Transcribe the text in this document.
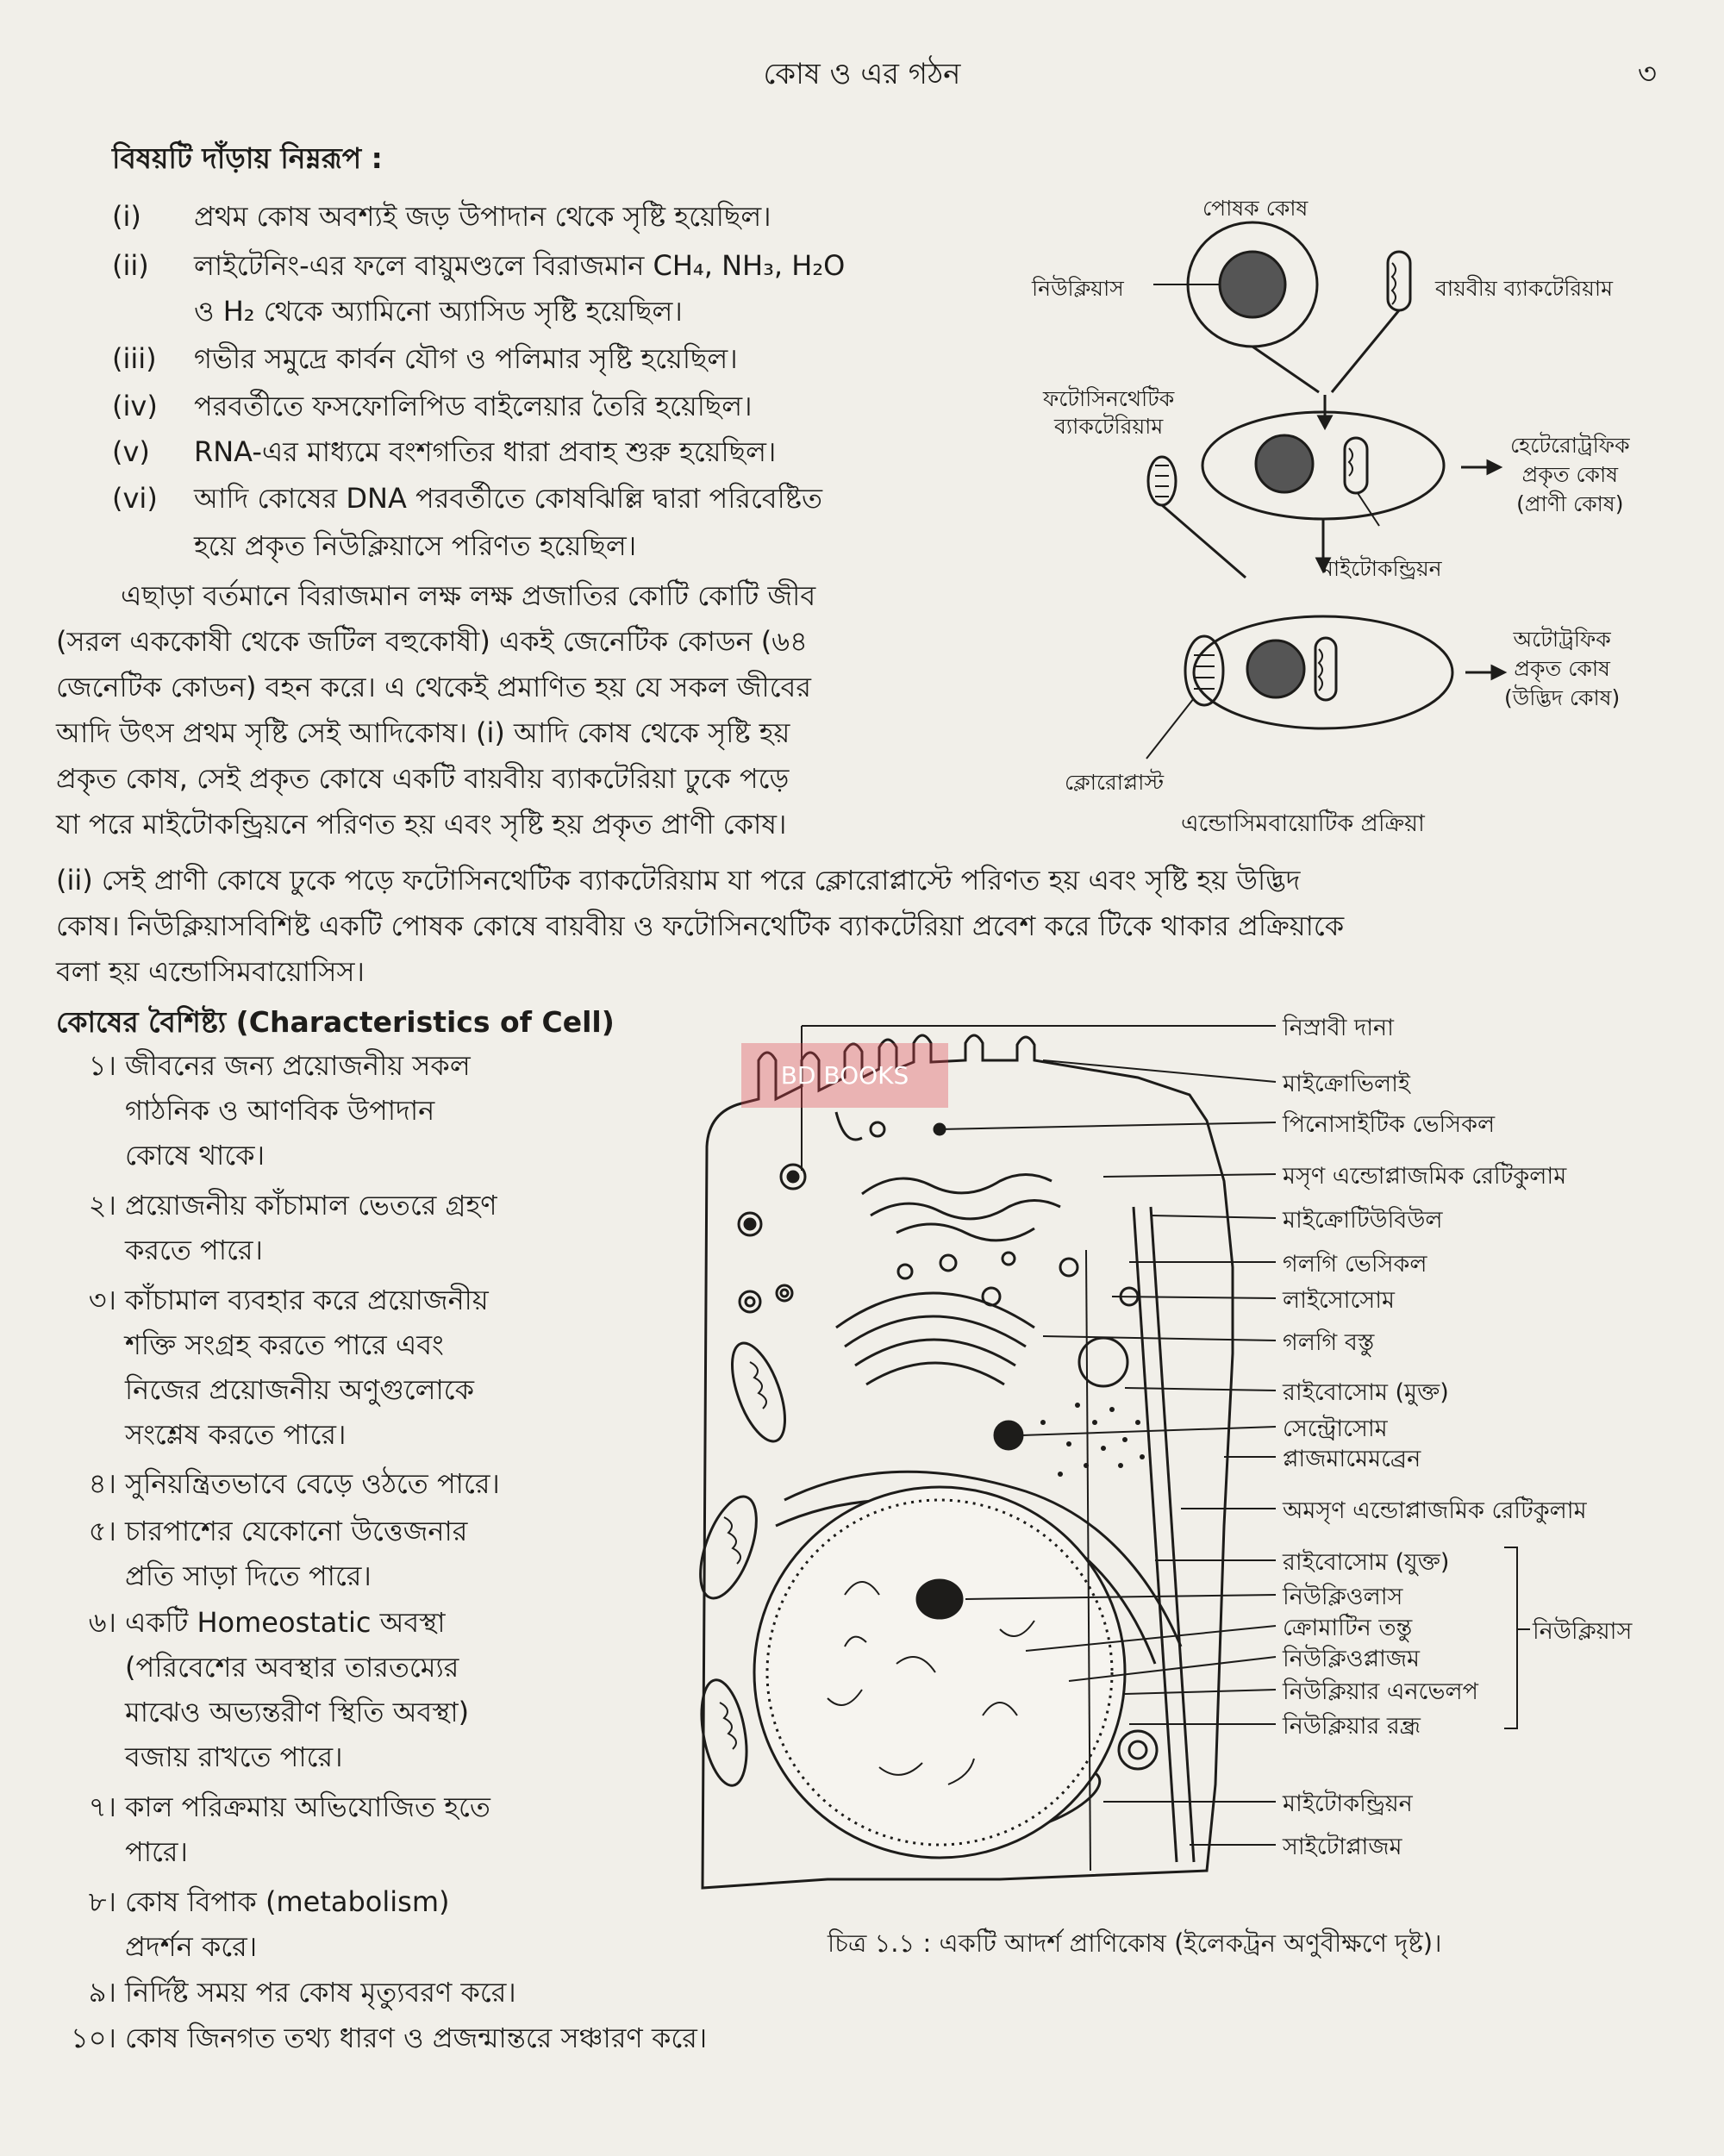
কোষ ও এর গঠন	৩
বিষয়টি দাঁড়ায় নিম্নরূপ :
(i)	প্রথম কোষ অবশ্যই জড় উপাদান থেকে সৃষ্টি হয়েছিল।
(ii)	লাইটেনিং-এর ফলে বায়ুমণ্ডলে বিরাজমান CH₄, NH₃, H₂O
ও H₂ থেকে অ্যামিনো অ্যাসিড সৃষ্টি হয়েছিল।
(iii)	গভীর সমুদ্রে কার্বন যৌগ ও পলিমার সৃষ্টি হয়েছিল।
(iv)	পরবর্তীতে ফসফোলিপিড বাইলেয়ার তৈরি হয়েছিল।
(v)	RNA-এর মাধ্যমে বংশগতির ধারা প্রবাহ শুরু হয়েছিল।
(vi)	আদি কোষের DNA পরবর্তীতে কোষঝিল্লি দ্বারা পরিবেষ্টিত
হয়ে প্রকৃত নিউক্লিয়াসে পরিণত হয়েছিল।
এছাড়া বর্তমানে বিরাজমান লক্ষ লক্ষ প্রজাতির কোটি কোটি জীব
(সরল এককোষী থেকে জটিল বহুকোষী) একই জেনেটিক কোডন (৬৪
জেনেটিক কোডন) বহন করে। এ থেকেই প্রমাণিত হয় যে সকল জীবের
আদি উৎস প্রথম সৃষ্টি সেই আদিকোষ। (i) আদি কোষ থেকে সৃষ্টি হয়
প্রকৃত কোষ, সেই প্রকৃত কোষে একটি বায়বীয় ব্যাকটেরিয়া ঢুকে পড়ে
যা পরে মাইটোকন্ড্রিয়নে পরিণত হয় এবং সৃষ্টি হয় প্রকৃত প্রাণী কোষ।
(ii) সেই প্রাণী কোষে ঢুকে পড়ে ফটোসিনথেটিক ব্যাকটেরিয়াম যা পরে ক্লোরোপ্লাস্টে পরিণত হয় এবং সৃষ্টি হয় উদ্ভিদ
কোষ। নিউক্লিয়াসবিশিষ্ট একটি পোষক কোষে বায়বীয় ও ফটোসিনথেটিক ব্যাকটেরিয়া প্রবেশ করে টিকে থাকার প্রক্রিয়াকে
বলা হয় এন্ডোসিমবায়োসিস।
পোষক কোষ
নিউক্লিয়াস	বায়বীয় ব্যাকটেরিয়াম
ফটোসিনথেটিক
ব্যাকটেরিয়াম
হেটেরোট্রফিক
প্রকৃত কোষ
(প্রাণী কোষ)
মাইটোকন্ড্রিয়ন
অটোট্রফিক
প্রকৃত কোষ
(উদ্ভিদ কোষ)
ক্লোরোপ্লাস্ট
এন্ডোসিমবায়োটিক প্রক্রিয়া
কোষের বৈশিষ্ট্য (Characteristics of Cell)
১। জীবনের জন্য প্রয়োজনীয় সকল
গাঠনিক ও আণবিক উপাদান
কোষে থাকে।
২। প্রয়োজনীয় কাঁচামাল ভেতরে গ্রহণ
করতে পারে।
৩। কাঁচামাল ব্যবহার করে প্রয়োজনীয়
শক্তি সংগ্রহ করতে পারে এবং
নিজের প্রয়োজনীয় অণুগুলোকে
সংশ্লেষ করতে পারে।
৪। সুনিয়ন্ত্রিতভাবে বেড়ে ওঠতে পারে।
৫। চারপাশের যেকোনো উত্তেজনার
প্রতি সাড়া দিতে পারে।
৬। একটি Homeostatic অবস্থা
(পরিবেশের অবস্থার তারতম্যের
মাঝেও অভ্যন্তরীণ স্থিতি অবস্থা)
বজায় রাখতে পারে।
৭। কাল পরিক্রমায় অভিযোজিত হতে
পারে।
৮। কোষ বিপাক (metabolism)
প্রদর্শন করে।
৯। নির্দিষ্ট সময় পর কোষ মৃত্যুবরণ করে।
১০। কোষ জিনগত তথ্য ধারণ ও প্রজন্মান্তরে সঞ্চারণ করে।
BD BOOKS
নিস্রাবী দানা
মাইক্রোভিলাই
পিনোসাইটিক ভেসিকল
মসৃণ এন্ডোপ্লাজমিক রেটিকুলাম
মাইক্রোটিউবিউল
গলগি ভেসিকল
লাইসোসোম
গলগি বস্তু
রাইবোসোম (মুক্ত)
সেন্ট্রোসোম
প্লাজমামেমব্রেন
অমসৃণ এন্ডোপ্লাজমিক রেটিকুলাম
রাইবোসোম (যুক্ত)
নিউক্লিওলাস
ক্রোমাটিন তন্তু
নিউক্লিওপ্লাজম
নিউক্লিয়ার এনভেলপ
নিউক্লিয়ার রন্ধ্র
মাইটোকন্ড্রিয়ন
সাইটোপ্লাজম
নিউক্লিয়াস
চিত্র ১.১ : একটি আদর্শ প্রাণিকোষ (ইলেকট্রন অণুবীক্ষণে দৃষ্ট)।
